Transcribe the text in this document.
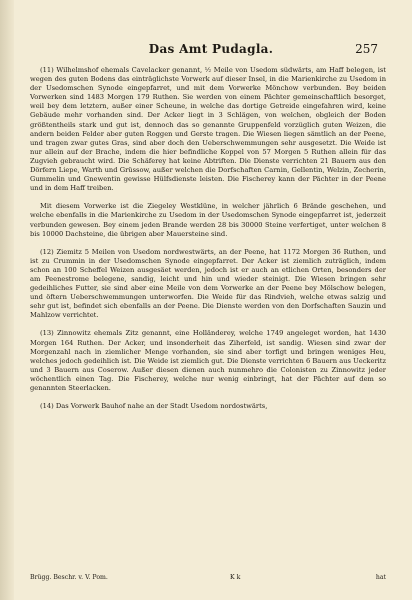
Das Amt Pudagla.	257

(11) Wilhelmshof ehemals Cavelacker genannt, ½ Meile von Usedom südwärts, am Haff belegen, ist wegen des guten Bodens das einträglichste Vorwerk auf dieser Insel, in die Marienkirche zu Usedom in der Usedomschen Synode eingepfarret, und mit dem Vorwerke Mönchow verbunden. Bey beiden Vorwerken sind 1483 Morgen 179 Ruthen. Sie werden von einem Pächter gemeinschaftlich besorget, weil bey dem letztern, außer einer Scheune, in welche das dortige Getreide eingefahren wird, keine Gebäude mehr vorhanden sind. Der Acker liegt in 3 Schlägen, von welchen, obgleich der Boden größtentheils stark und gut ist, dennoch das so genannte Gruppenfeld vorzüglich guten Weizen, die andern beiden Felder aber guten Roggen und Gerste tragen. Die Wiesen liegen sämtlich an der Peene, und tragen zwar gutes Gras, sind aber doch den Ueberschwemmungen sehr ausgesetzt. Die Weide ist nur allein auf der Brache, indem die hier befindliche Koppel von 57 Morgen 5 Ruthen allein für das Zugvieh gebraucht wird. Die Schäferey hat keine Abtriften. Die Dienste verrichten 21 Bauern aus den Dörfern Liepe, Warth und Grüssow, außer welchen die Dorfschaften Carnin, Gellentin, Welzin, Zecherin, Gummelin und Gnewentin gewisse Hülfsdienste leisten. Die Fischerey kann der Pächter in der Peene und in dem Haff treiben.

Mit diesem Vorwerke ist die Ziegeley Westklüne, in welcher jährlich 6 Brände geschehen, und welche ebenfalls in die Marienkirche zu Usedom in der Usedomschen Synode eingepfarret ist, jederzeit verbunden gewesen. Bey einem jeden Brande werden 28 bis 30000 Steine verfertiget, unter welchen 8 bis 10000 Dachsteine, die übrigen aber Mauersteine sind.

(12) Ziemitz 5 Meilen von Usedom nordwestwärts, an der Peene, hat 1172 Morgen 36 Ruthen, und ist zu Crummin in der Usedomschen Synode eingepfarret. Der Acker ist ziemlich zuträglich, indem schon an 100 Scheffel Weizen ausgesäet werden, jedoch ist er auch an etlichen Orten, besonders der am Peenestrome belegene, sandig, leicht und hin und wieder steinigt. Die Wiesen bringen sehr gedeihliches Futter, sie sind aber eine Meile von dem Vorwerke an der Peene bey Mölschow belegen, und öftern Ueberschwemmungen unterworfen. Die Weide für das Rindvieh, welche etwas salzig und sehr gut ist, befindet sich ebenfalls an der Peene. Die Dienste werden von den Dorfschaften Sauzin und Mahlzow verrichtet.

(13) Zinnowitz ehemals Zitz genannt, eine Holländerey, welche 1749 angeleget worden, hat 1430 Morgen 164 Ruthen. Der Acker, und insonderheit das Ziherfeld, ist sandig. Wiesen sind zwar der Morgenzahl nach in ziemlicher Menge vorhanden, sie sind aber torfigt und bringen weniges Heu, welches jedoch gedeihlich ist. Die Weide ist ziemlich gut. Die Dienste verrichten 6 Bauern aus Ueckeritz und 3 Bauern aus Coserow. Außer diesen dienen auch nunmehro die Colonisten zu Zinnowitz jeder wöchentlich einen Tag. Die Fischerey, welche nur wenig einbringt, hat der Pächter auf dem so genannten Steerlacken.

(14) Das Vorwerk Bauhof nahe an der Stadt Usedom nordostwärts,

Brügg. Beschr. v. V. Pom.	K k	hat
